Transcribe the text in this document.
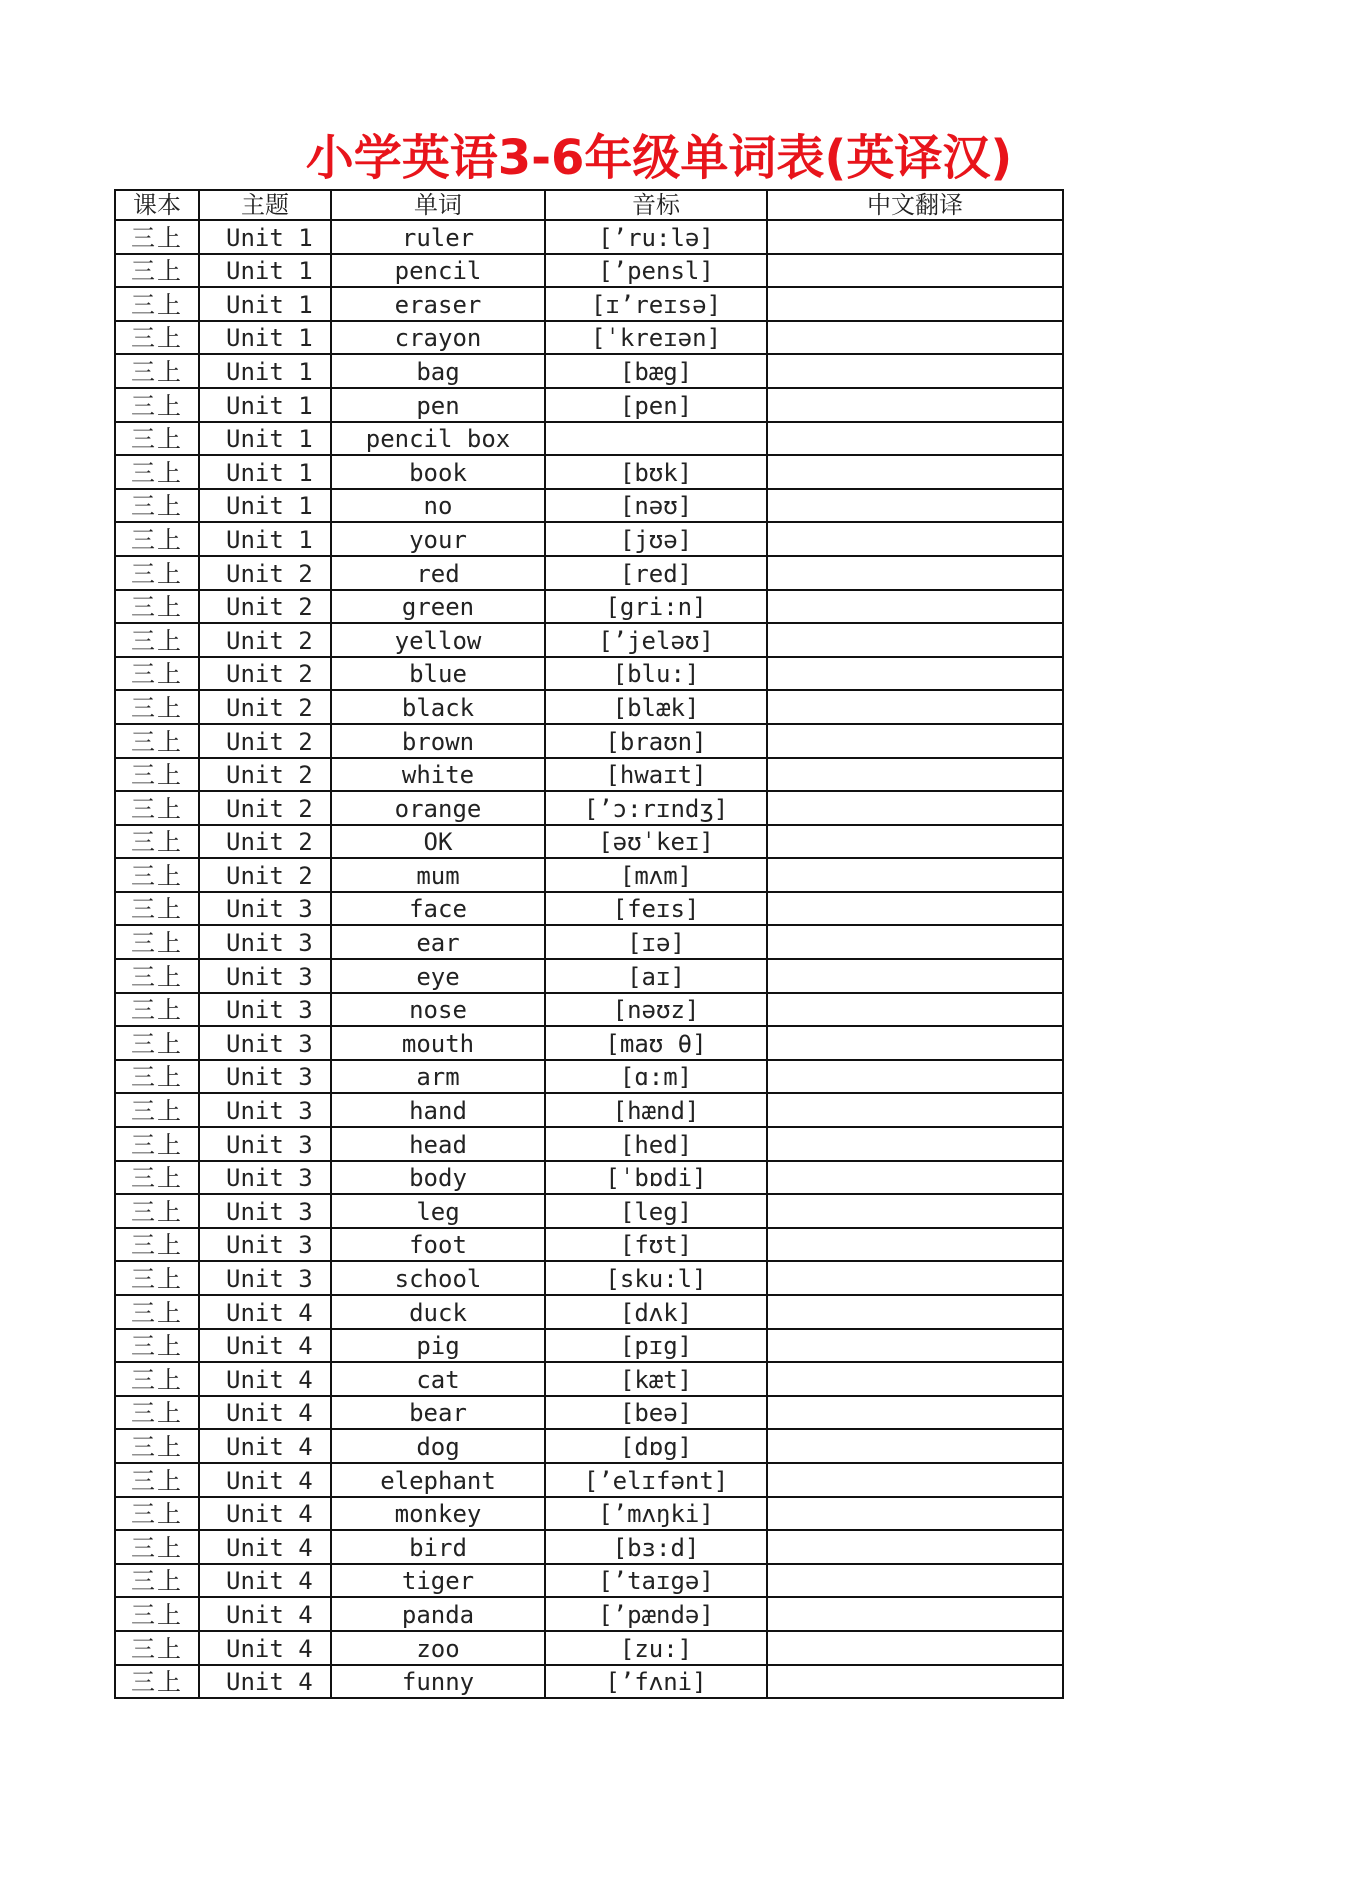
小学英语3-6年级单词表(英译汉)
课本	主题	单词	音标	中文翻译
三上	Unit 1	ruler	[’ru:lə]	
三上	Unit 1	pencil	[’pensl]	
三上	Unit 1	eraser	[ɪ’reɪsə]	
三上	Unit 1	crayon	[ˈkreɪən]	
三上	Unit 1	bag	[bæg]	
三上	Unit 1	pen	[pen]	
三上	Unit 1	pencil box		
三上	Unit 1	book	[bʊk]	
三上	Unit 1	no	[nəʊ]	
三上	Unit 1	your	[jʊə]	
三上	Unit 2	red	[red]	
三上	Unit 2	green	[gri:n]	
三上	Unit 2	yellow	[’jeləʊ]	
三上	Unit 2	blue	[blu:]	
三上	Unit 2	black	[blæk]	
三上	Unit 2	brown	[braʊn]	
三上	Unit 2	white	[hwaɪt]	
三上	Unit 2	orange	[’ɔ:rɪndʒ]	
三上	Unit 2	OK	[əʊˈkeɪ]	
三上	Unit 2	mum	[mʌm]	
三上	Unit 3	face	[feɪs]	
三上	Unit 3	ear	[ɪə]	
三上	Unit 3	eye	[aɪ]	
三上	Unit 3	nose	[nəʊz]	
三上	Unit 3	mouth	[maʊ θ]	
三上	Unit 3	arm	[ɑ:m]	
三上	Unit 3	hand	[hænd]	
三上	Unit 3	head	[hed]	
三上	Unit 3	body	[ˈbɒdi]	
三上	Unit 3	leg	[leg]	
三上	Unit 3	foot	[fʊt]	
三上	Unit 3	school	[sku:l]	
三上	Unit 4	duck	[dʌk]	
三上	Unit 4	pig	[pɪg]	
三上	Unit 4	cat	[kæt]	
三上	Unit 4	bear	[beə]	
三上	Unit 4	dog	[dɒg]	
三上	Unit 4	elephant	[’elɪfənt]	
三上	Unit 4	monkey	[’mʌŋki]	
三上	Unit 4	bird	[bɜ:d]	
三上	Unit 4	tiger	[’taɪgə]	
三上	Unit 4	panda	[’pændə]	
三上	Unit 4	zoo	[zu:]	
三上	Unit 4	funny	[’fʌni]	
